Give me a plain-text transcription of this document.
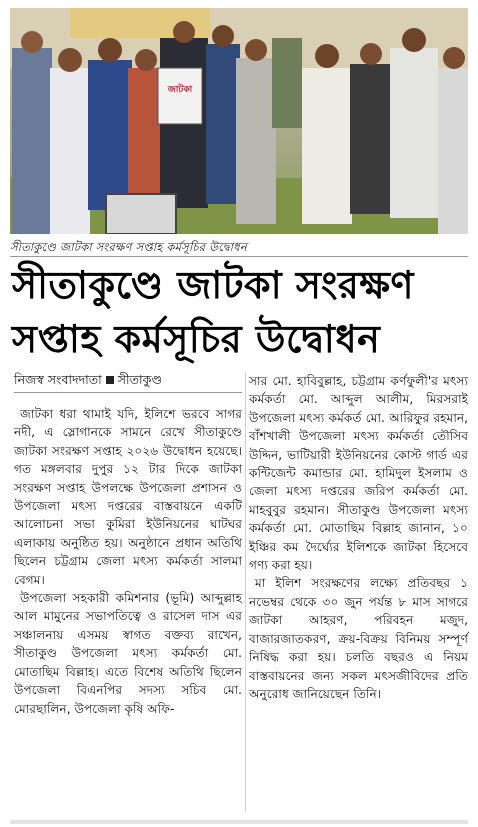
জাটকা
সীতাকুণ্ডে জাটকা সংরক্ষণ সপ্তাহ কর্মসূচির উদ্বোধন
সীতাকুণ্ডে জাটকা সংরক্ষণ
সপ্তাহ কর্মসূচির উদ্বোধন
নিজস্ব সংবাদদাতা সীতাকুণ্ড

জাটকা ধরা থামাই যদি, ইলিশে ভরবে সাগর নদী, এ স্লোগানকে সামনে রেখে সীতাকুণ্ডে জাটকা সংরক্ষণ সপ্তাহ ২০২৬ উদ্বোধন হয়েছে। গত মঙ্গলবার দুপুর ১২ টার দিকে জাটকা সংরক্ষণ সপ্তাহ উপলক্ষে উপজেলা প্রশাসন ও উপজেলা মৎস্য দপ্তরের বাস্তবায়নে একটি আলোচনা সভা কুমিরা ইউনিয়নের ঘাটঘর এলাকায় অনুষ্ঠিত হয়। অনুষ্ঠানে প্রধান অতিথি ছিলেন চট্টগ্রাম জেলা মৎস্য কর্মকর্তা সালমা বেগম।

উপজেলা সহকারী কমিশনার (ভূমি) আব্দুল্লাহ আল মামুনের সভাপতিত্বে ও রাসেল দাস এর সঞ্চালনায় এসময় স্বাগত বক্তব্য রাখেন, সীতাকুণ্ড উপজেলা মৎস্য কর্মকর্তা মো. মোতাছিম বিল্লাহ। এতে বিশেষ অতিথি ছিলেন উপজেলা বিএনপির সদস্য সচিব মো. মোরছালিন, উপজেলা কৃষি অফি-

সার মো. হাবিবুল্লাহ, চট্টগ্রাম কর্ণফুলী'র মৎস্য কর্মকর্তা মো. আব্দুল আলীম, মিরসরাই উপজেলা মৎস্য কর্মকর্ত মো. আরিফুর রহমান, বাঁশখালী উপজেলা মৎস্য কর্মকর্তা তৌসিব উদ্দিন, ভাটিয়ারী ইউনিয়নের কোস্ট গার্ড এর কন্টিজেন্ট কমান্ডার মো. হামিদুল ইসলাম ও জেলা মৎস্য দপ্তরের জরিপ কর্মকর্তা মো. মাহবুবুর রহমান। সীতাকুণ্ড উপজেলা মৎস্য কর্মকর্তা মো. মোতাছিম বিল্লাহ জানান, ১০ ইঞ্চির কম দৈর্ঘ্যের ইলিশকে জাটকা হিসেবে গণ্য করা হয়।

মা ইলিশ সংরক্ষণের লক্ষ্যে প্রতিবছর ১ নভেম্বর থেকে ৩০ জুন পর্যন্ত ৮ মাস সাগরে জাটকা আহরণ, পরিবহন মজুদ, বাজারজাতকরণ, ক্রয়-বিক্রয় বিনিময় সম্পূর্ণ নিষিদ্ধ করা হয়। চলতি বছরও এ নিয়ম বাস্তবায়নের জন্য সকল মৎসজীবিদের প্রতি অনুরোধ জানিয়েছেন তিনি।
